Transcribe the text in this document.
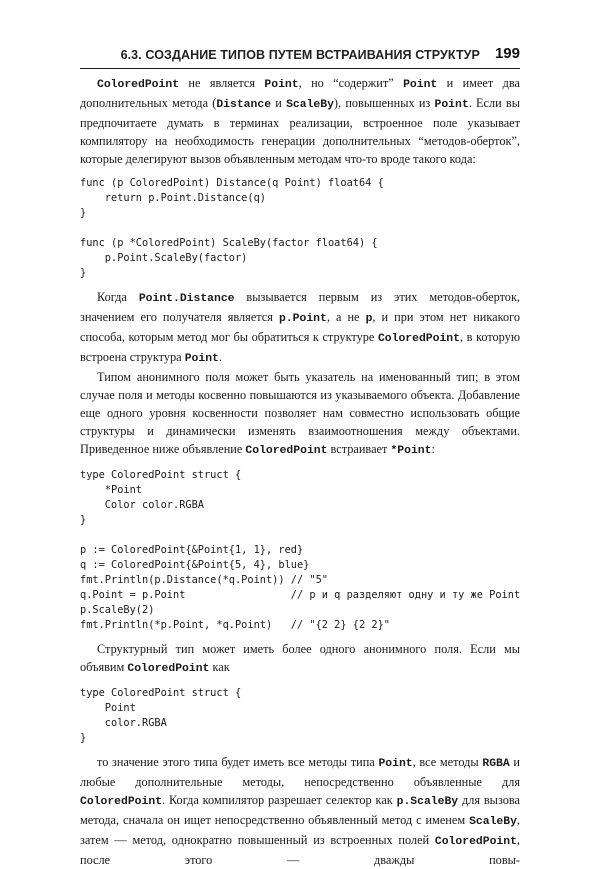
6.3. СОЗДАНИЕ ТИПОВ ПУТЕМ ВСТРАИВАНИЯ СТРУКТУР 199

ColoredPoint не является Point, но “содержит” Point и имеет два дополнительных метода (Distance и ScaleBy), повышенных из Point. Если вы предпочитаете думать в терминах реализации, встроенное поле указывает компилятору на необходимость генерации дополнительных “методов-оберток”, которые делегируют вызов объявленным методам что-то вроде такого кода:

func (p ColoredPoint) Distance(q Point) float64 {
return p.Point.Distance(q)
}

func (p *ColoredPoint) ScaleBy(factor float64) {
p.Point.ScaleBy(factor)
}

Когда Point.Distance вызывается первым из этих методов-оберток, значением его получателя является p.Point, а не p, и при этом нет никакого способа, которым метод мог бы обратиться к структуре ColoredPoint, в которую встроена структура Point.

Типом анонимного поля может быть указатель на именованный тип; в этом случае поля и методы косвенно повышаются из указываемого объекта. Добавление еще одного уровня косвенности позволяет нам совместно использовать общие структуры и динамически изменять взаимоотношения между объектами. Приведенное ниже объявление ColoredPoint встраивает *Point:

type ColoredPoint struct {
*Point
Color color.RGBA
}

p := ColoredPoint{&Point{1, 1}, red}
q := ColoredPoint{&Point{5, 4}, blue}
fmt.Println(p.Distance(*q.Point)) // "5"
q.Point = p.Point                 // p и q разделяют одну и ту же Point
p.ScaleBy(2)
fmt.Println(*p.Point, *q.Point)   // "{2 2} {2 2}"

Структурный тип может иметь более одного анонимного поля. Если мы объявим ColoredPoint как

type ColoredPoint struct {
Point
color.RGBA
}

то значение этого типа будет иметь все методы типа Point, все методы RGBA и любые дополнительные методы, непосредственно объявленные для ColoredPoint. Когда компилятор разрешает селектор как p.ScaleBy для вызова метода, сначала он ищет непосредственно объявленный метод с именем ScaleBy, затем — метод, однократно повышенный из встроенных полей ColoredPoint, после этого — дважды повы-
